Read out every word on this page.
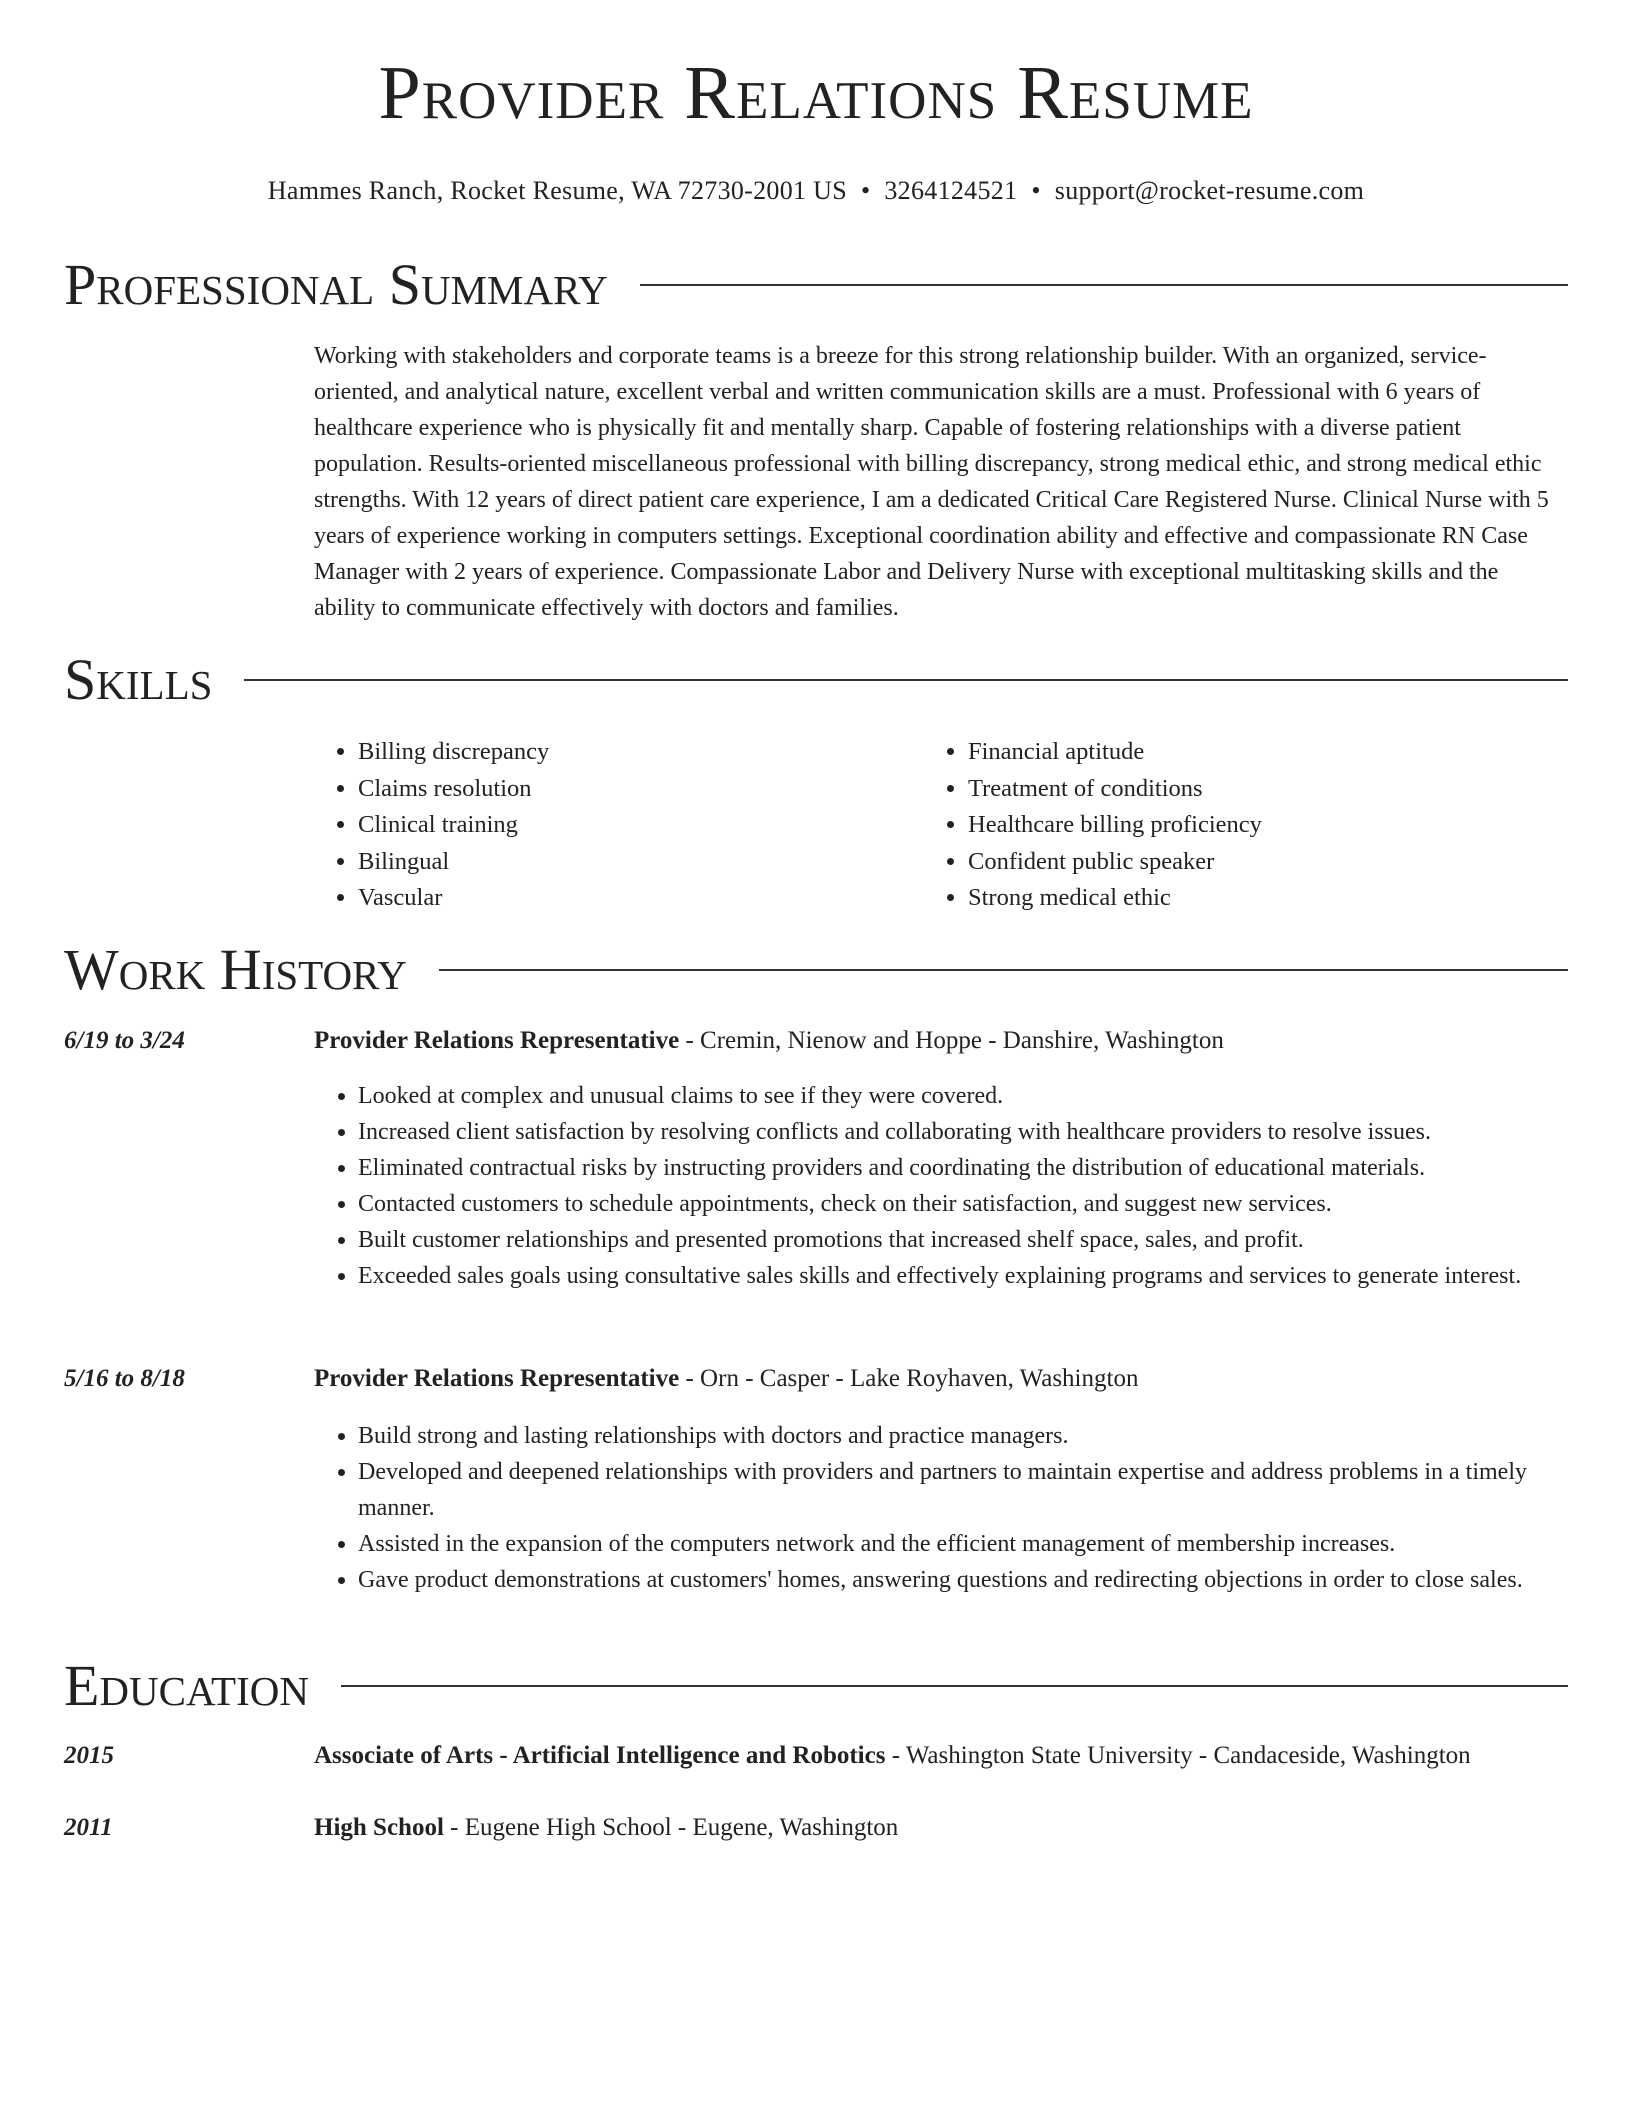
Provider Relations Resume
Hammes Ranch, Rocket Resume, WA 72730-2001 US • 3264124521 • support@rocket-resume.com
Professional Summary

Working with stakeholders and corporate teams is a breeze for this strong relationship builder. With an organized, service-oriented, and analytical nature, excellent verbal and written communication skills are a must. Professional with 6 years of healthcare experience who is physically fit and mentally sharp. Capable of fostering relationships with a diverse patient population. Results-oriented miscellaneous professional with billing discrepancy, strong medical ethic, and strong medical ethic strengths. With 12 years of direct patient care experience, I am a dedicated Critical Care Registered Nurse. Clinical Nurse with 5 years of experience working in computers settings. Exceptional coordination ability and effective and compassionate RN Case Manager with 2 years of experience. Compassionate Labor and Delivery Nurse with exceptional multitasking skills and the ability to communicate effectively with doctors and families.

Skills
• Billing discrepancy
• Claims resolution
• Clinical training
• Bilingual
• Vascular
• Financial aptitude
• Treatment of conditions
• Healthcare billing proficiency
• Confident public speaker
• Strong medical ethic
Work History
6/19 to 3/24	Provider Relations Representative - Cremin, Nienow and Hoppe - Danshire, Washington
• Looked at complex and unusual claims to see if they were covered.
• Increased client satisfaction by resolving conflicts and collaborating with healthcare providers to resolve issues.
• Eliminated contractual risks by instructing providers and coordinating the distribution of educational materials.
• Contacted customers to schedule appointments, check on their satisfaction, and suggest new services.
• Built customer relationships and presented promotions that increased shelf space, sales, and profit.
• Exceeded sales goals using consultative sales skills and effectively explaining programs and services to generate interest.
5/16 to 8/18	Provider Relations Representative - Orn - Casper - Lake Royhaven, Washington
• Build strong and lasting relationships with doctors and practice managers.
• Developed and deepened relationships with providers and partners to maintain expertise and address problems in a timely manner.
• Assisted in the expansion of the computers network and the efficient management of membership increases.
• Gave product demonstrations at customers' homes, answering questions and redirecting objections in order to close sales.
Education
2015	Associate of Arts - Artificial Intelligence and Robotics - Washington State University - Candaceside, Washington
2011	High School - Eugene High School - Eugene, Washington
